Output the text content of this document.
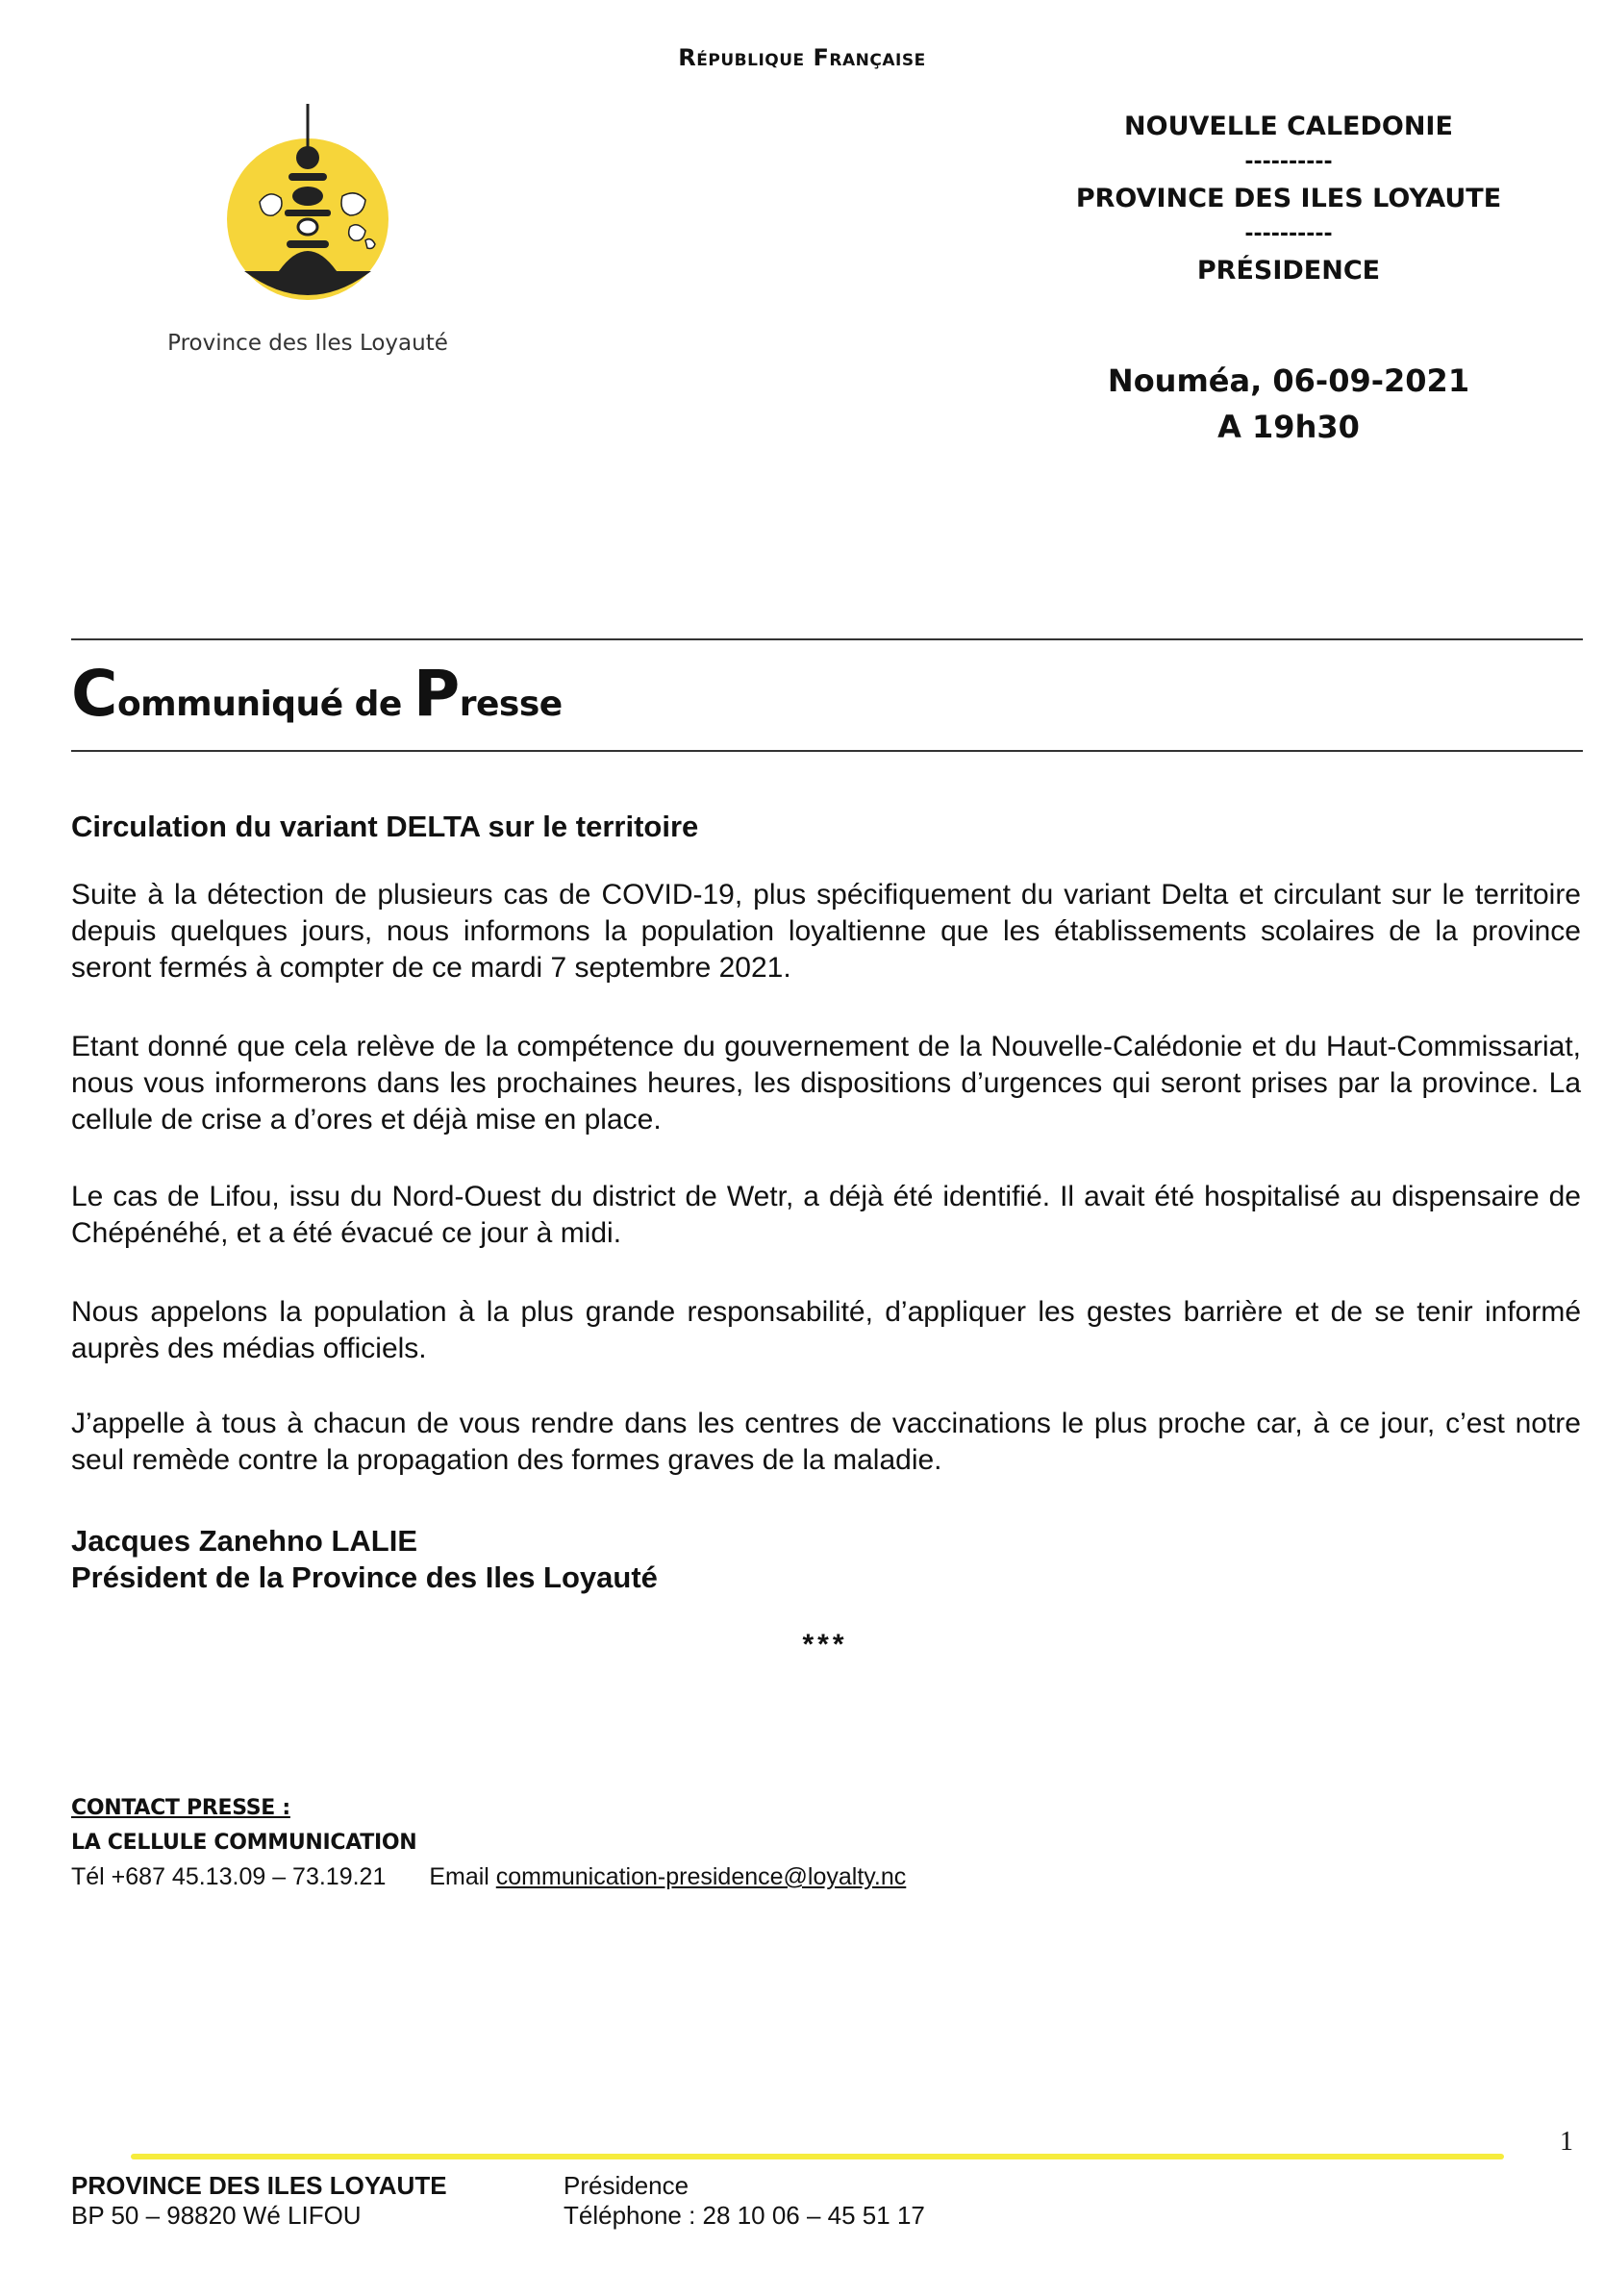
République Française
Province des Iles Loyauté
NOUVELLE CALEDONIE
----------
PROVINCE DES ILES LOYAUTE
----------
PRÉSIDENCE
Nouméa, 06-09-2021
A 19h30
Communiqué de Presse
Circulation du variant DELTA sur le territoire

Suite à la détection de plusieurs cas de COVID-19, plus spécifiquement du variant Delta et circulant sur le territoire depuis quelques jours, nous informons la population loyaltienne que les établissements scolaires de la province seront fermés à compter de ce mardi 7 septembre 2021.

Etant donné que cela relève de la compétence du gouvernement de la Nouvelle-Calédonie et du Haut-Commissariat, nous vous informerons dans les prochaines heures, les dispositions d’urgences qui seront prises par la province. La cellule de crise a d’ores et déjà mise en place.

Le cas de Lifou, issu du Nord-Ouest du district de Wetr, a déjà été identifié. Il avait été hospitalisé au dispensaire de Chépénéhé, et a été évacué ce jour à midi.

Nous appelons la population à la plus grande responsabilité, d’appliquer les gestes barrière et de se tenir informé auprès des médias officiels.

J’appelle à tous à chacun de vous rendre dans les centres de vaccinations le plus proche car, à ce jour, c’est notre seul remède contre la propagation des formes graves de la maladie.

Jacques Zanehno LALIE
Président de la Province des Iles Loyauté
***
CONTACT PRESSE :
LA CELLULE COMMUNICATION
Tél +687 45.13.09 – 73.19.21 Email communication-presidence@loyalty.nc
1
PROVINCE DES ILES LOYAUTE
BP 50 – 98820 Wé LIFOU
Présidence
Téléphone : 28 10 06 – 45 51 17
